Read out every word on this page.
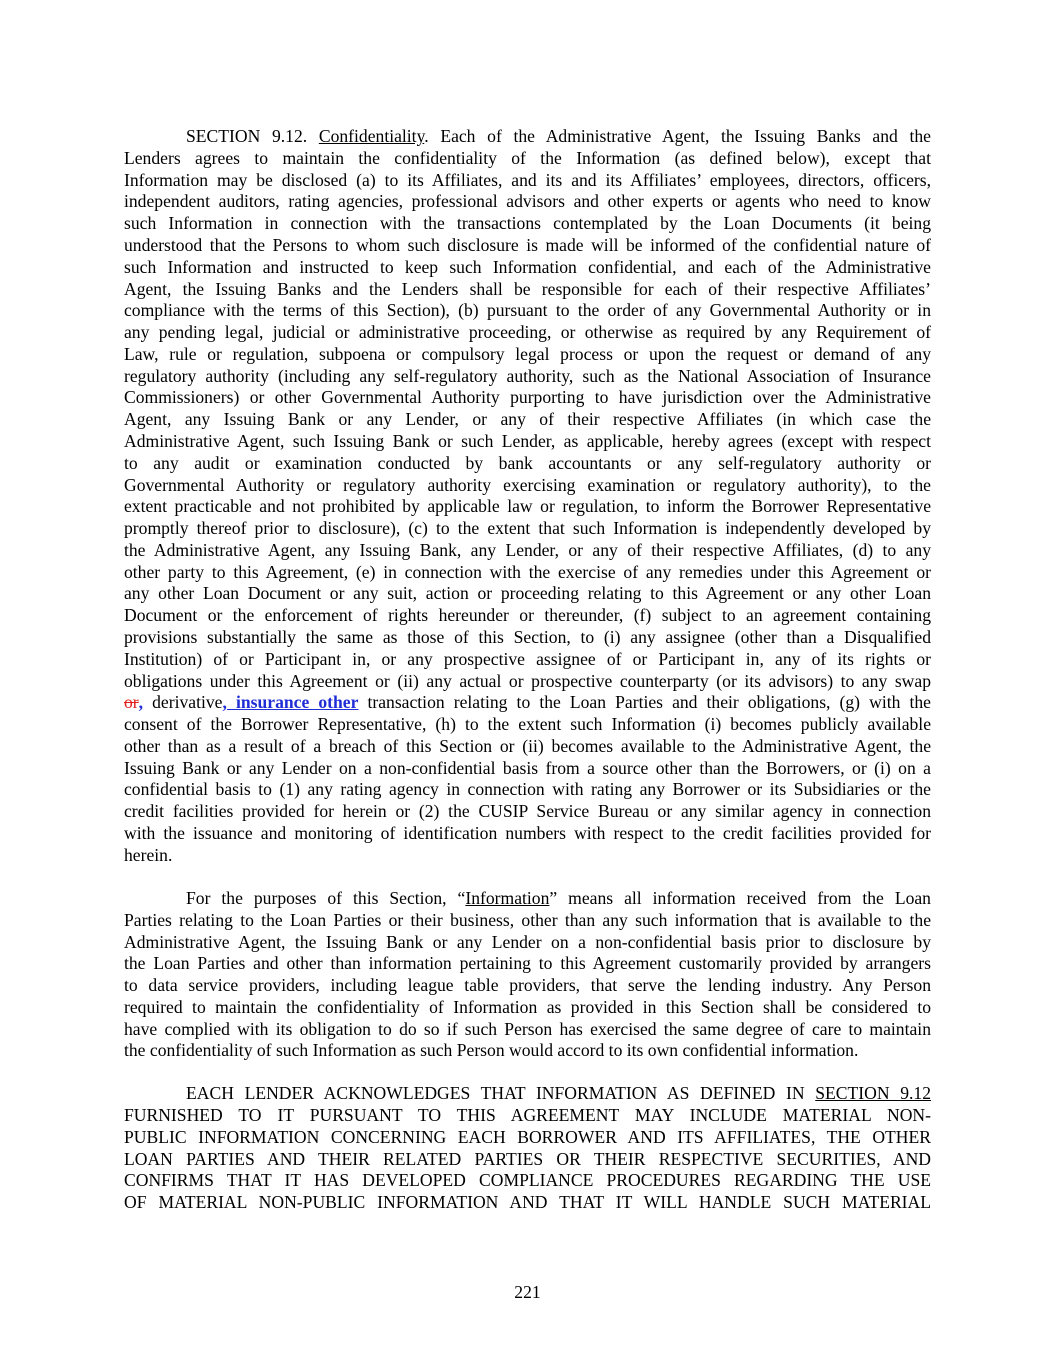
SECTION 9.12. Confidentiality. Each of the Administrative Agent, the Issuing Banks and the
Lenders agrees to maintain the confidentiality of the Information (as defined below), except that
Information may be disclosed (a) to its Affiliates, and its and its Affiliates’ employees, directors, officers,
independent auditors, rating agencies, professional advisors and other experts or agents who need to know
such Information in connection with the transactions contemplated by the Loan Documents (it being
understood that the Persons to whom such disclosure is made will be informed of the confidential nature of
such Information and instructed to keep such Information confidential, and each of the Administrative
Agent, the Issuing Banks and the Lenders shall be responsible for each of their respective Affiliates’
compliance with the terms of this Section), (b) pursuant to the order of any Governmental Authority or in
any pending legal, judicial or administrative proceeding, or otherwise as required by any Requirement of
Law, rule or regulation, subpoena or compulsory legal process or upon the request or demand of any
regulatory authority (including any self-regulatory authority, such as the National Association of Insurance
Commissioners) or other Governmental Authority purporting to have jurisdiction over the Administrative
Agent, any Issuing Bank or any Lender, or any of their respective Affiliates (in which case the
Administrative Agent, such Issuing Bank or such Lender, as applicable, hereby agrees (except with respect
to any audit or examination conducted by bank accountants or any self-regulatory authority or
Governmental Authority or regulatory authority exercising examination or regulatory authority), to the
extent practicable and not prohibited by applicable law or regulation, to inform the Borrower Representative
promptly thereof prior to disclosure), (c) to the extent that such Information is independently developed by
the Administrative Agent, any Issuing Bank, any Lender, or any of their respective Affiliates, (d) to any
other party to this Agreement, (e) in connection with the exercise of any remedies under this Agreement or
any other Loan Document or any suit, action or proceeding relating to this Agreement or any other Loan
Document or the enforcement of rights hereunder or thereunder, (f) subject to an agreement containing
provisions substantially the same as those of this Section, to (i) any assignee (other than a Disqualified
Institution) of or Participant in, or any prospective assignee of or Participant in, any of its rights or
obligations under this Agreement or (ii) any actual or prospective counterparty (or its advisors) to any swap
or, derivative, insurance other transaction relating to the Loan Parties and their obligations, (g) with the
consent of the Borrower Representative, (h) to the extent such Information (i) becomes publicly available
other than as a result of a breach of this Section or (ii) becomes available to the Administrative Agent, the
Issuing Bank or any Lender on a non-confidential basis from a source other than the Borrowers, or (i) on a
confidential basis to (1) any rating agency in connection with rating any Borrower or its Subsidiaries or the
credit facilities provided for herein or (2) the CUSIP Service Bureau or any similar agency in connection
with the issuance and monitoring of identification numbers with respect to the credit facilities provided for
herein.
For the purposes of this Section, “Information” means all information received from the Loan
Parties relating to the Loan Parties or their business, other than any such information that is available to the
Administrative Agent, the Issuing Bank or any Lender on a non-confidential basis prior to disclosure by
the Loan Parties and other than information pertaining to this Agreement customarily provided by arrangers
to data service providers, including league table providers, that serve the lending industry. Any Person
required to maintain the confidentiality of Information as provided in this Section shall be considered to
have complied with its obligation to do so if such Person has exercised the same degree of care to maintain
the confidentiality of such Information as such Person would accord to its own confidential information.
EACH LENDER ACKNOWLEDGES THAT INFORMATION AS DEFINED IN SECTION 9.12
FURNISHED TO IT PURSUANT TO THIS AGREEMENT MAY INCLUDE MATERIAL NON-
PUBLIC INFORMATION CONCERNING EACH BORROWER AND ITS AFFILIATES, THE OTHER
LOAN PARTIES AND THEIR RELATED PARTIES OR THEIR RESPECTIVE SECURITIES, AND
CONFIRMS THAT IT HAS DEVELOPED COMPLIANCE PROCEDURES REGARDING THE USE
OF MATERIAL NON-PUBLIC INFORMATION AND THAT IT WILL HANDLE SUCH MATERIAL
221
